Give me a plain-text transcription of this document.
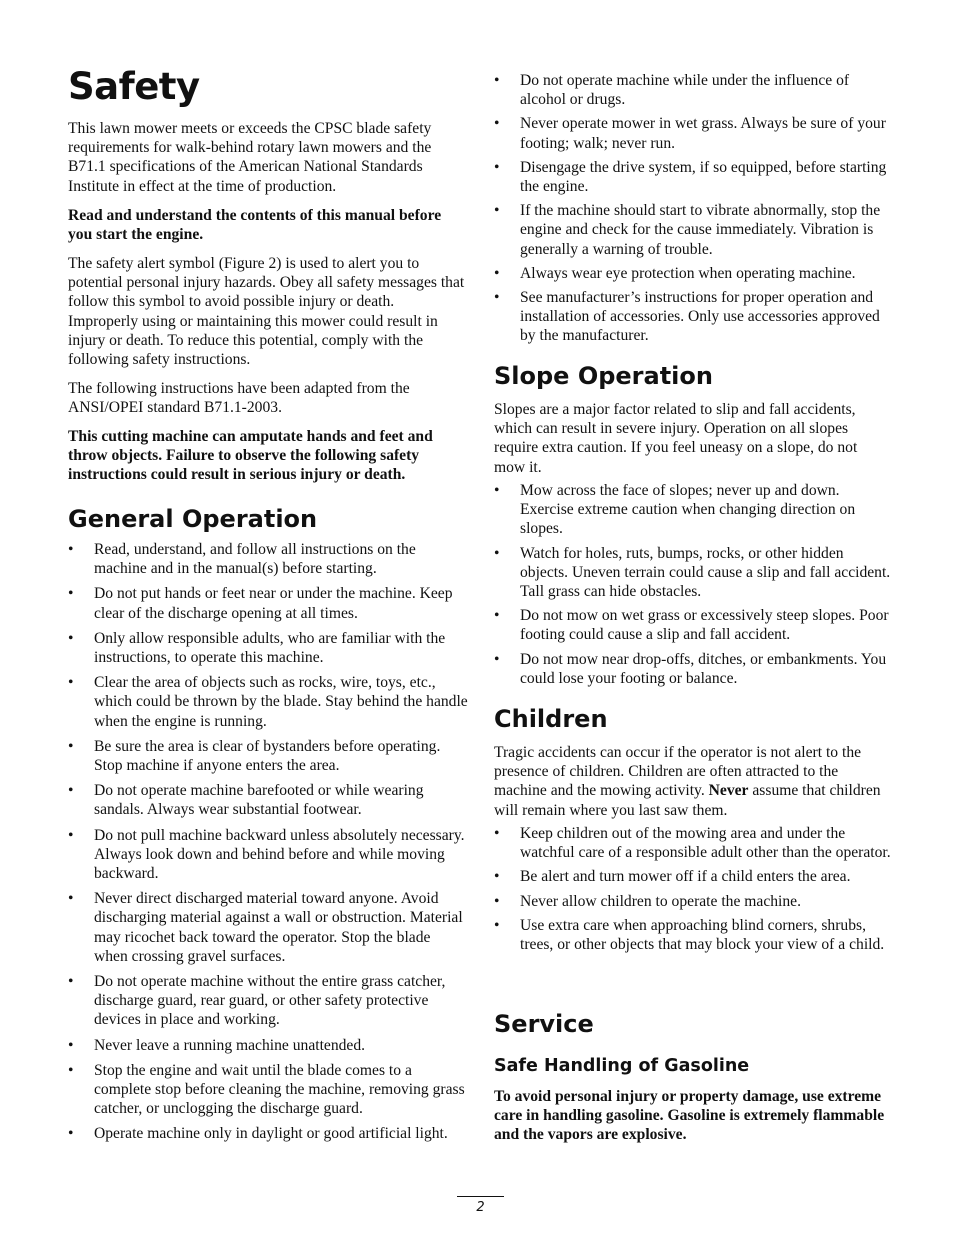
Safety

This lawn mower meets or exceeds the CPSC blade safety requirements for walk-behind rotary lawn mowers and the B71.1 specifications of the American National Standards Institute in effect at the time of production.

Read and understand the contents of this manual before you start the engine.

The safety alert symbol (Figure 2) is used to alert you to potential personal injury hazards. Obey all safety messages that follow this symbol to avoid possible injury or death. Improperly using or maintaining this mower could result in injury or death. To reduce this potential, comply with the following safety instructions.

The following instructions have been adapted from the ANSI/OPEI standard B71.1-2003.

This cutting machine can amputate hands and feet and throw objects. Failure to observe the following safety instructions could result in serious injury or death.

General Operation
• Read, understand, and follow all instructions on the machine and in the manual(s) before starting.
• Do not put hands or feet near or under the machine. Keep clear of the discharge opening at all times.
• Only allow responsible adults, who are familiar with the instructions, to operate this machine.
• Clear the area of objects such as rocks, wire, toys, etc., which could be thrown by the blade. Stay behind the handle when the engine is running.
• Be sure the area is clear of bystanders before operating. Stop machine if anyone enters the area.
• Do not operate machine barefooted or while wearing sandals. Always wear substantial footwear.
• Do not pull machine backward unless absolutely necessary. Always look down and behind before and while moving backward.
• Never direct discharged material toward anyone. Avoid discharging material against a wall or obstruction. Material may ricochet back toward the operator. Stop the blade when crossing gravel surfaces.
• Do not operate machine without the entire grass catcher, discharge guard, rear guard, or other safety protective devices in place and working.
• Never leave a running machine unattended.
• Stop the engine and wait until the blade comes to a complete stop before cleaning the machine, removing grass catcher, or unclogging the discharge guard.
• Operate machine only in daylight or good artificial light.
• Do not operate machine while under the influence of alcohol or drugs.
• Never operate mower in wet grass. Always be sure of your footing; walk; never run.
• Disengage the drive system, if so equipped, before starting the engine.
• If the machine should start to vibrate abnormally, stop the engine and check for the cause immediately. Vibration is generally a warning of trouble.
• Always wear eye protection when operating machine.
• See manufacturer’s instructions for proper operation and installation of accessories. Only use accessories approved by the manufacturer.
Slope Operation

Slopes are a major factor related to slip and fall accidents, which can result in severe injury. Operation on all slopes require extra caution. If you feel uneasy on a slope, do not mow it.

• Mow across the face of slopes; never up and down. Exercise extreme caution when changing direction on slopes.
• Watch for holes, ruts, bumps, rocks, or other hidden objects. Uneven terrain could cause a slip and fall accident. Tall grass can hide obstacles.
• Do not mow on wet grass or excessively steep slopes. Poor footing could cause a slip and fall accident.
• Do not mow near drop-offs, ditches, or embankments. You could lose your footing or balance.
Children

Tragic accidents can occur if the operator is not alert to the presence of children. Children are often attracted to the machine and the mowing activity. Never assume that children will remain where you last saw them.

• Keep children out of the mowing area and under the watchful care of a responsible adult other than the operator.
• Be alert and turn mower off if a child enters the area.
• Never allow children to operate the machine.
• Use extra care when approaching blind corners, shrubs, trees, or other objects that may block your view of a child.
Service
Safe Handling of Gasoline

To avoid personal injury or property damage, use extreme care in handling gasoline. Gasoline is extremely flammable and the vapors are explosive.

2
